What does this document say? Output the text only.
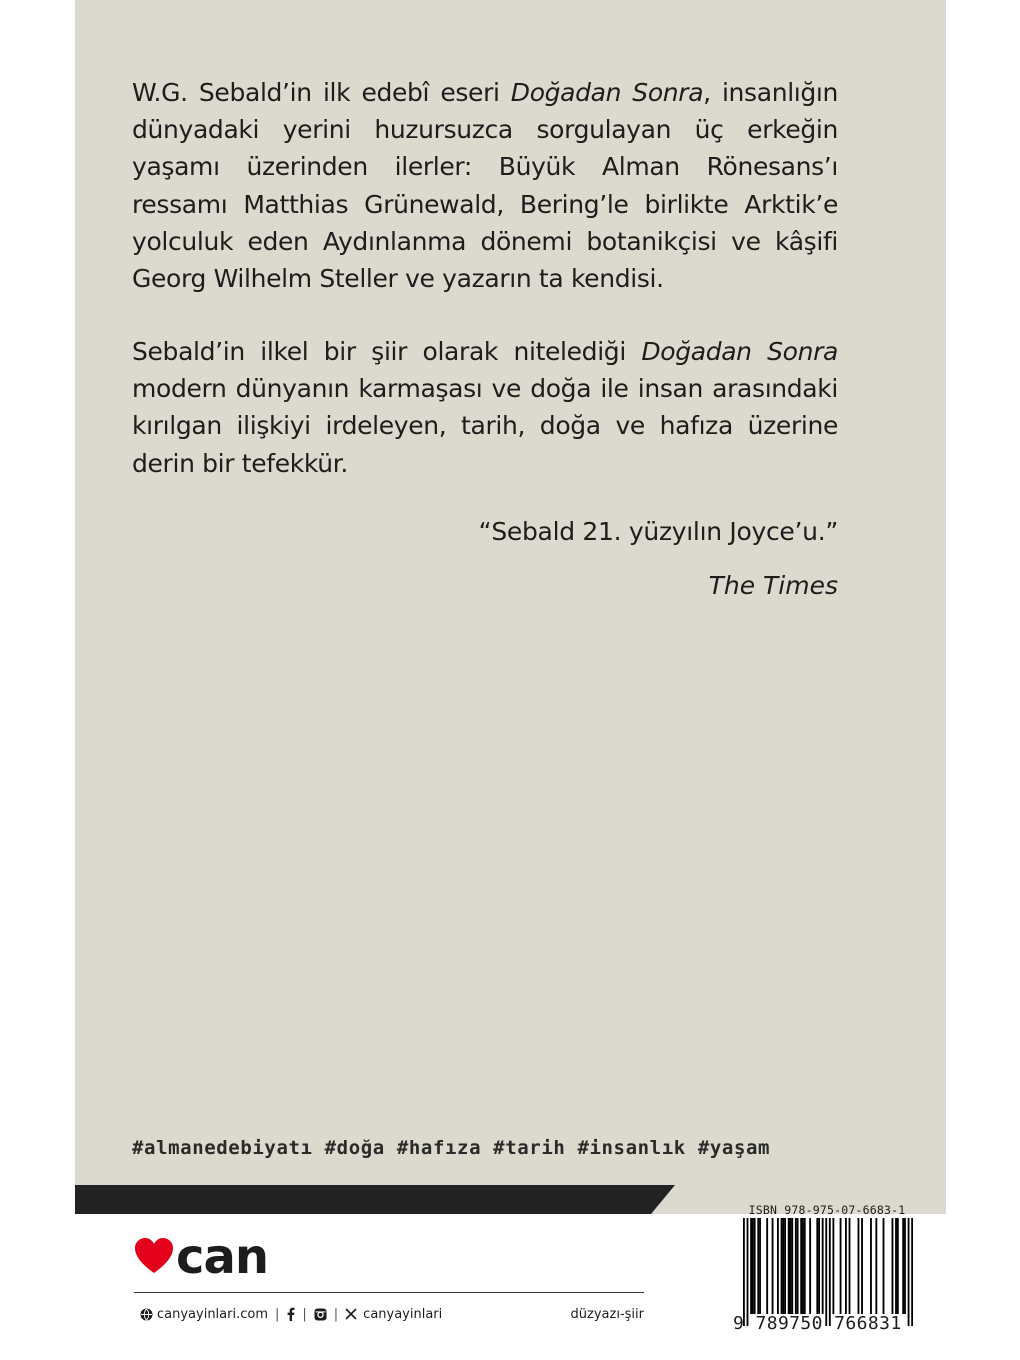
W.G. Sebald’in ilk edebî eseri Doğadan Sonra, insanlığın dünyadaki yerini huzursuzca sorgulayan üç erkeğin yaşamı üzerinden ilerler: Büyük Alman Rönesans’ı ressamı Matthias Grünewald, Bering’le birlikte Arktik’e yolculuk eden Aydınlanma dönemi botanikçisi ve kâşifi Georg Wilhelm Steller ve yazarın ta kendisi.

Sebald’in ilkel bir şiir olarak nitelediği Doğadan Sonra modern dünyanın karmaşası ve doğa ile insan arasındaki kırılgan ilişkiyi irdeleyen, tarih, doğa ve hafıza üzerine derin bir tefekkür.

“Sebald 21. yüzyılın Joyce’u.”

The Times

#almanedebiyatı #doğa #hafıza #tarih #insanlık #yaşam
can
canyayinlari.com | | | canyayinlari	düzyazı-şiir
ISBN 978-975-07-6683-1
9 789750 766831
